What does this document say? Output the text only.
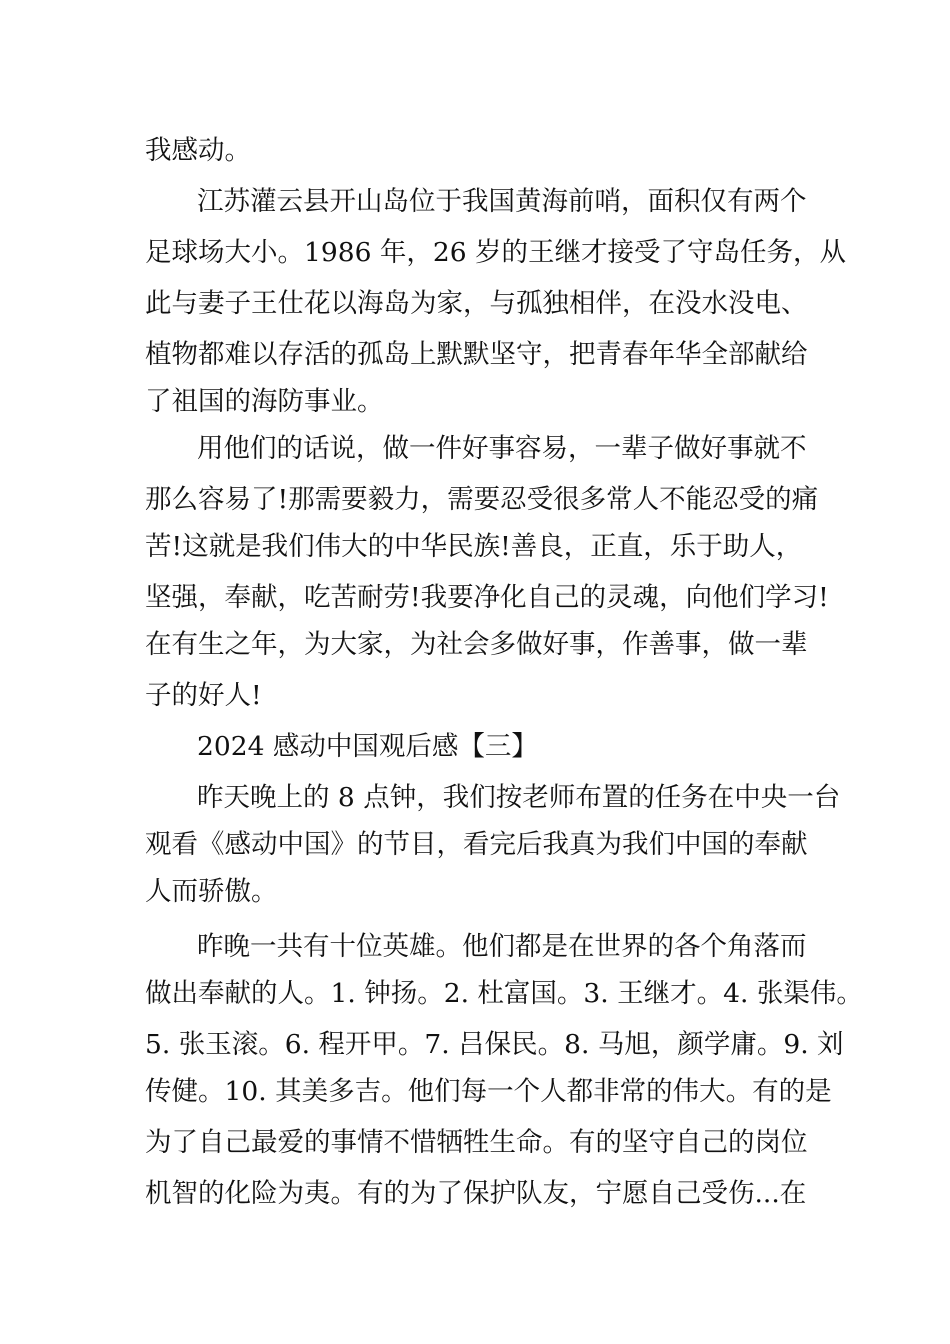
我感动。
江苏灌云县开山岛位于我国黄海前哨，面积仅有两个
足球场大小。1986 年，26 岁的王继才接受了守岛任务，从
此与妻子王仕花以海岛为家，与孤独相伴，在没水没电、
植物都难以存活的孤岛上默默坚守，把青春年华全部献给
了祖国的海防事业。
用他们的话说，做一件好事容易，一辈子做好事就不
那么容易了!那需要毅力，需要忍受很多常人不能忍受的痛
苦!这就是我们伟大的中华民族!善良，正直，乐于助人，
坚强，奉献，吃苦耐劳!我要净化自己的灵魂，向他们学习!
在有生之年，为大家，为社会多做好事，作善事，做一辈
子的好人!
2024 感动中国观后感【三】
昨天晚上的 8 点钟，我们按老师布置的任务在中央一台
观看《感动中国》的节目，看完后我真为我们中国的奉献
人而骄傲。
昨晚一共有十位英雄。他们都是在世界的各个角落而
做出奉献的人。1. 钟扬。2. 杜富国。3. 王继才。4. 张渠伟。
5. 张玉滚。6. 程开甲。7. 吕保民。8. 马旭，颜学庸。9. 刘
传健。10. 其美多吉。他们每一个人都非常的伟大。有的是
为了自己最爱的事情不惜牺牲生命。有的坚守自己的岗位
机智的化险为夷。有的为了保护队友，宁愿自己受伤...在
